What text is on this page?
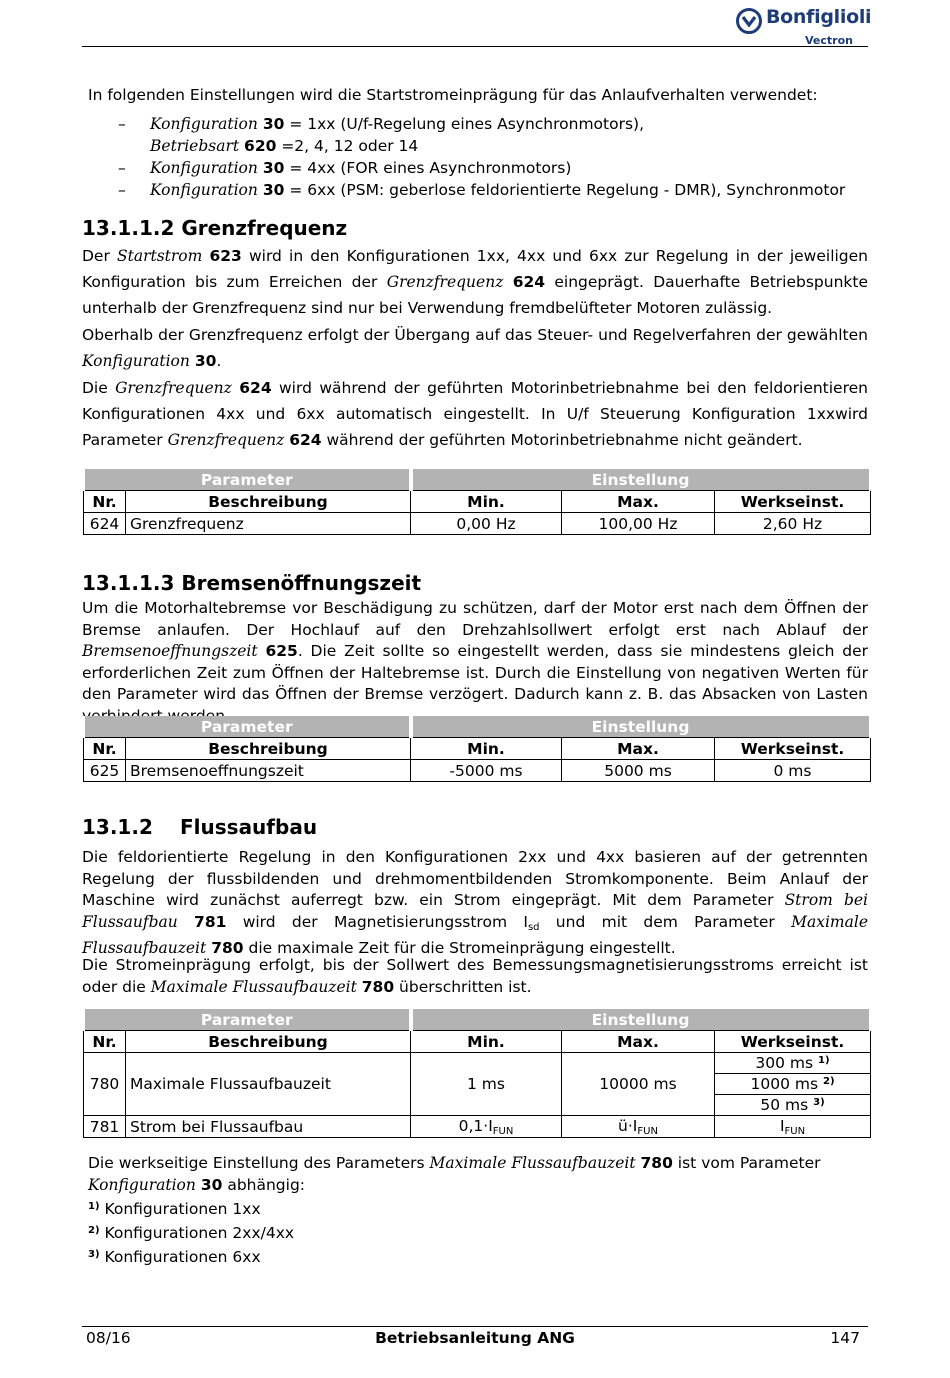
Bonfiglioli
Vectron

In folgenden Einstellungen wird die Startstromeinprägung für das Anlaufverhalten verwendet:

– Konfiguration 30 = 1xx (U/f-Regelung eines Asynchronmotors),
Betriebsart 620 =2, 4, 12 oder 14
– Konfiguration 30 = 4xx (FOR eines Asynchronmotors)
– Konfiguration 30 = 6xx (PSM: geberlose feldorientierte Regelung - DMR), Synchronmotor
13.1.1.2 Grenzfrequenz

Der Startstrom 623 wird in den Konfigurationen 1xx, 4xx und 6xx zur Regelung in der jeweiligen Konfiguration bis zum Erreichen der Grenzfrequenz 624 eingeprägt. Dauerhafte Betriebspunkte unterhalb der Grenzfrequenz sind nur bei Verwendung fremdbelüfteter Motoren zulässig.

Oberhalb der Grenzfrequenz erfolgt der Übergang auf das Steuer- und Regelverfahren der gewählten Konfiguration 30.

Die Grenzfrequenz 624 wird während der geführten Motorinbetriebnahme bei den feldorientieren Konfigurationen 4xx und 6xx automatisch eingestellt. In U/f Steuerung Konfiguration 1xxwird Parameter Grenzfrequenz 624 während der geführten Motorinbetriebnahme nicht geändert.

Parameter		Einstellung		
Nr.	Beschreibung	Min.	Max.	Werkseinst.
624	Grenzfrequenz	0,00 Hz	100,00 Hz	2,60 Hz
13.1.1.3 Bremsenöffnungszeit

Um die Motorhaltebremse vor Beschädigung zu schützen, darf der Motor erst nach dem Öffnen der Bremse anlaufen. Der Hochlauf auf den Drehzahlsollwert erfolgt erst nach Ablauf der Bremsenoeffnungszeit 625. Die Zeit sollte so eingestellt werden, dass sie mindestens gleich der erforderlichen Zeit zum Öffnen der Haltebremse ist. Durch die Einstellung von negativen Werten für den Parameter wird das Öffnen der Bremse verzögert. Dadurch kann z. B. das Absacken von Lasten

Parameter		Einstellung		
Nr.	Beschreibung	Min.	Max.	Werkseinst.
625	Bremsenoeffnungszeit	-5000 ms	5000 ms	0 ms
13.1.2 Flussaufbau

Die feldorientierte Regelung in den Konfigurationen 2xx und 4xx basieren auf der getrennten Regelung der flussbildenden und drehmomentbildenden Stromkomponente. Beim Anlauf der Maschine wird zunächst auferregt bzw. ein Strom eingeprägt. Mit dem Parameter Strom bei Flussaufbau 781 wird der Magnetisierungsstrom $I_{sd}$ und mit dem Parameter Maximale Flussaufbauzeit 780 die maximale Zeit für die Stromeinprägung eingestellt.

Die Stromeinprägung erfolgt, bis der Sollwert des Bemessungsmagnetisierungsstroms erreicht ist oder die Maximale Flussaufbauzeit 780 überschritten ist.

Parameter		Einstellung		
Nr.	Beschreibung	Min.	Max.	Werkseinst.
780	Maximale Flussaufbauzeit	1 ms	10000 ms	300 ms $^{1)}$
				1000 ms $^{2)}$
				50 ms $^{3)}$
781	Strom bei Flussaufbau	$0,1\cdot I_{FUN}$	$ü\cdot I_{FUN}$	$I_{FUN}$

Die werkseitige Einstellung des Parameters Maximale Flussaufbauzeit 780 ist vom Parameter Konfiguration 30 abhängig:

$^{1)}$ Konfigurationen 1xx
$^{2)}$ Konfigurationen 2xx/4xx
$^{3)}$ Konfigurationen 6xx
Betriebsanleitung ANG
08/16	147
